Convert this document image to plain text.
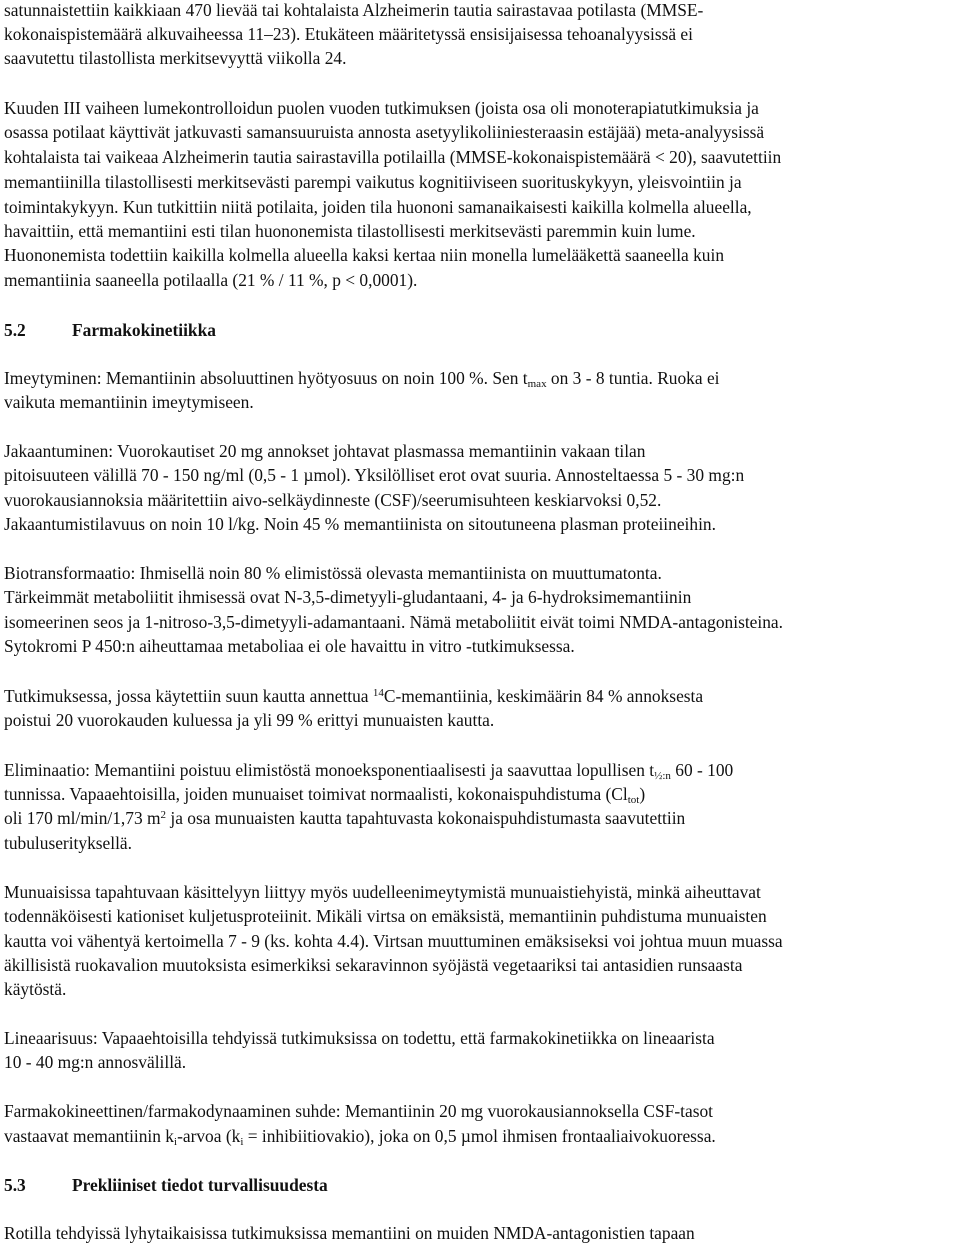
satunnaistettiin kaikkiaan 470 lievää tai kohtalaista Alzheimerin tautia sairastavaa potilasta (MMSE-
kokonaispistemäärä alkuvaiheessa 11–23). Etukäteen määritetyssä ensisijaisessa tehoanalyysissä ei
saavutettu tilastollista merkitsevyyttä viikolla 24.
Kuuden III vaiheen lumekontrolloidun puolen vuoden tutkimuksen (joista osa oli monoterapiatutkimuksia ja
osassa potilaat käyttivät jatkuvasti samansuuruista annosta asetyylikoliiniesteraasin estäjää) meta-analyysissä
kohtalaista tai vaikeaa Alzheimerin tautia sairastavilla potilailla (MMSE-kokonaispistemäärä < 20), saavutettiin
memantiinilla tilastollisesti merkitsevästi parempi vaikutus kognitiiviseen suorituskykyyn, yleisvointiin ja
toimintakykyyn. Kun tutkittiin niitä potilaita, joiden tila huononi samanaikaisesti kaikilla kolmella alueella,
havaittiin, että memantiini esti tilan huononemista tilastollisesti merkitsevästi paremmin kuin lume.
Huononemista todettiin kaikilla kolmella alueella kaksi kertaa niin monella lumelääkettä saaneella kuin
memantiinia saaneella potilaalla (21 % / 11 %, p < 0,0001).
5.2	Farmakokinetiikka
Imeytyminen: Memantiinin absoluuttinen hyötyosuus on noin 100 %. Sen $t_{max}$ on 3 - 8 tuntia. Ruoka ei
vaikuta memantiinin imeytymiseen.
Jakaantuminen: Vuorokautiset 20 mg annokset johtavat plasmassa memantiinin vakaan tilan
pitoisuuteen välillä 70 - 150 ng/ml (0,5 - 1 µmol). Yksilölliset erot ovat suuria. Annosteltaessa 5 - 30 mg:n
vuorokausiannoksia määritettiin aivo-selkäydinneste (CSF)/seerumisuhteen keskiarvoksi 0,52.
Jakaantumistilavuus on noin 10 l/kg. Noin 45 % memantiinista on sitoutuneena plasman proteiineihin.
Biotransformaatio: Ihmisellä noin 80 % elimistössä olevasta memantiinista on muuttumatonta.
Tärkeimmät metaboliitit ihmisessä ovat N-3,5-dimetyyli-gludantaani, 4- ja 6-hydroksimemantiinin
isomeerinen seos ja 1-nitroso-3,5-dimetyyli-adamantaani. Nämä metaboliitit eivät toimi NMDA-antagonisteina.
Sytokromi P 450:n aiheuttamaa metaboliaa ei ole havaittu in vitro -tutkimuksessa.
Tutkimuksessa, jossa käytettiin suun kautta annettua $^{14}$C-memantiinia, keskimäärin 84 % annoksesta
poistui 20 vuorokauden kuluessa ja yli 99 % erittyi munuaisten kautta.
Eliminaatio: Memantiini poistuu elimistöstä monoeksponentiaalisesti ja saavuttaa lopullisen $t_{\frac{1}{2}:n}$ 60 - 100
tunnissa. Vapaaehtoisilla, joiden munuaiset toimivat normaalisti, kokonaispuhdistuma $(Cl_{tot})$
oli 170 ml/min/1,73 $m^2$ ja osa munuaisten kautta tapahtuvasta kokonaispuhdistumasta saavutettiin
tubuluserityksellä.
Munuaisissa tapahtuvaan käsittelyyn liittyy myös uudelleenimeytymistä munuaistiehyistä, minkä aiheuttavat
todennäköisesti kationiset kuljetusproteiinit. Mikäli virtsa on emäksistä, memantiinin puhdistuma munuaisten
kautta voi vähentyä kertoimella 7 - 9 (ks. kohta 4.4). Virtsan muuttuminen emäksiseksi voi johtua muun muassa
äkillisistä ruokavalion muutoksista esimerkiksi sekaravinnon syöjästä vegetaariksi tai antasidien runsaasta
käytöstä.
Lineaarisuus: Vapaaehtoisilla tehdyissä tutkimuksissa on todettu, että farmakokinetiikka on lineaarista
10 - 40 mg:n annosvälillä.
Farmakokineettinen/farmakodynaaminen suhde: Memantiinin 20 mg vuorokausiannoksella CSF-tasot
vastaavat memantiinin $k_i$-arvoa ($k_i$ = inhibiitiovakio), joka on 0,5 µmol ihmisen frontaaliaivokuoressa.
5.3	Prekliiniset tiedot turvallisuudesta
Rotilla tehdyissä lyhytaikaisissa tutkimuksissa memantiini on muiden NMDA-antagonistien tapaan
